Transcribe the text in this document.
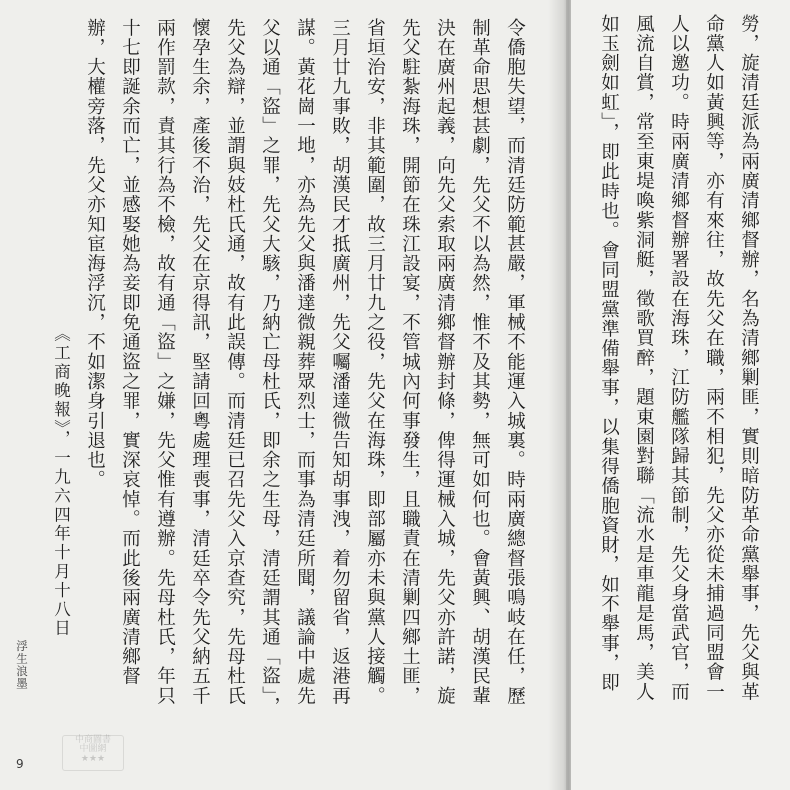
令僑胞失望，而清廷防範甚嚴，軍械不能運入城裏。時兩廣總督張鳴岐在任，歷
制革命思想甚劇，先父不以為然，惟不及其勢，無可如何也。會黃興、胡漢民輩
決在廣州起義，向先父索取兩廣清鄉督辦封條，俾得運械入城，先父亦許諾，旋
先父駐紮海珠，開節在珠江設宴，不管城內何事發生，且職責在清剿四鄉土匪，
省垣治安，非其範圍，故三月廿九之役，先父在海珠，即部屬亦未與黨人接觸。
三月廿九事敗，胡漢民才抵廣州，先父囑潘達微告知胡事洩，着勿留省，返港再
謀。黃花崗一地，亦為先父與潘達微親葬眾烈士，而事為清廷所聞，議論中處先
父以通「盜」之罪，先父大駭，乃納亡母杜氏，即余之生母，清廷謂其通「盜」，
先父為辯，並謂與妓杜氏通，故有此誤傳。而清廷已召先父入京查究，先母杜氏
懷孕生余，產後不治，先父在京得訊，堅請回粵處理喪事，清廷卒令先父納五千
兩作罰款，責其行為不檢，故有通「盜」之嫌，先父惟有遵辦。先母杜氏，年只
十七即誕余而亡，並感娶她為妾即免通盜之罪，實深哀悼。而此後兩廣清鄉督
辦，大權旁落，先父亦知宦海浮沉，不如潔身引退也。
《工商晚報》，一九六四年十月十八日
浮生浪墨
9
中商圖書
中圖網
★★★
勞，旋清廷派為兩廣清鄉督辦，名為清鄉剿匪，實則暗防革命黨舉事，先父與革
命黨人如黃興等，亦有來往，故先父在職，兩不相犯，先父亦從未捕過同盟會一
人以邀功。時兩廣清鄉督辦署設在海珠，江防艦隊歸其節制，先父身當武官，而
風流自賞，常至東堤喚紫洞艇，徵歌買醉，題東園對聯「流水是車龍是馬，美人
如玉劍如虹」，即此時也。會同盟黨準備舉事，以集得僑胞資財，如不舉事，即
